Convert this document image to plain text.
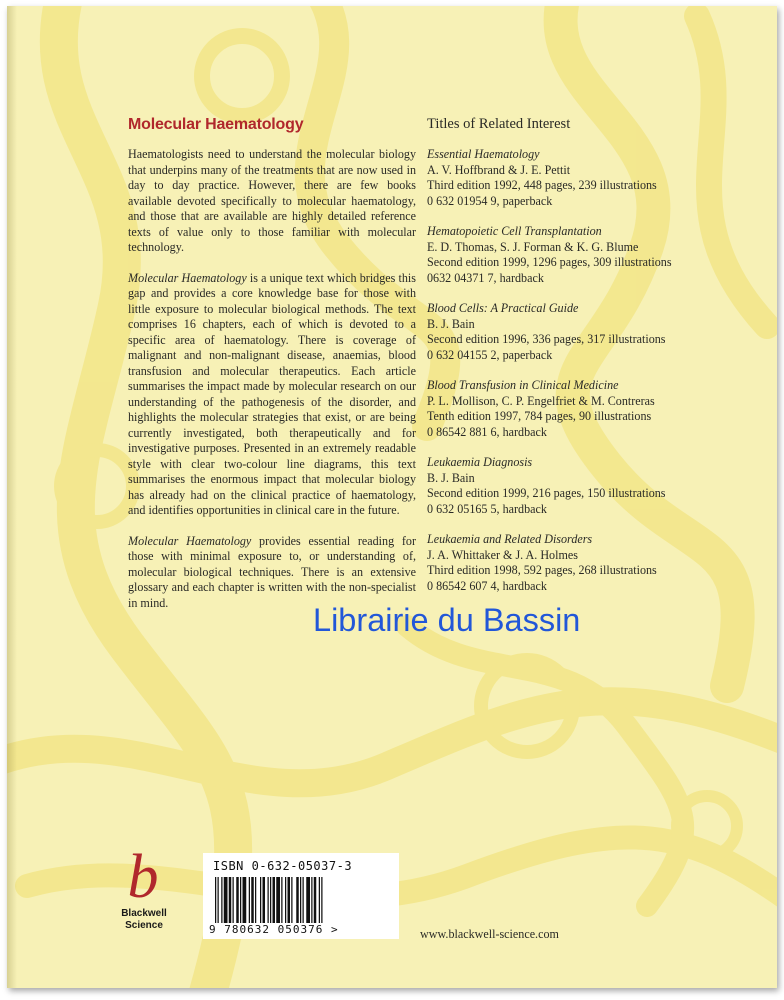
Molecular Haematology

Haematologists need to understand the molecular biology that underpins many of the treatments that are now used in day to day practice. However, there are few books available devoted specifically to molecular haematology, and those that are available are highly detailed reference texts of value only to those familiar with molecular technology.

Molecular Haematology is a unique text which bridges this gap and provides a core knowledge base for those with little exposure to molecular biological methods. The text comprises 16 chapters, each of which is devoted to a specific area of haematology. There is coverage of malignant and non-malignant disease, anaemias, blood transfusion and molecular therapeutics. Each article summarises the impact made by molecular research on our understanding of the pathogenesis of the disorder, and highlights the molecular strategies that exist, or are being currently investigated, both therapeutically and for investigative purposes. Presented in an extremely readable style with clear two-colour line diagrams, this text summarises the enormous impact that molecular biology has already had on the clinical practice of haematology, and identifies opportunities in clinical care in the future.

Molecular Haematology provides essential reading for those with minimal exposure to, or understanding of, molecular biological techniques. There is an extensive glossary and each chapter is written with the non-specialist in mind.

Titles of Related Interest
Essential Haematology
A. V. Hoffbrand & J. E. Pettit
Third edition 1992, 448 pages, 239 illustrations
0 632 01954 9, paperback
Hematopoietic Cell Transplantation
E. D. Thomas, S. J. Forman & K. G. Blume
Second edition 1999, 1296 pages, 309 illustrations
0632 04371 7, hardback
Blood Cells: A Practical Guide
B. J. Bain
Second edition 1996, 336 pages, 317 illustrations
0 632 04155 2, paperback
Blood Transfusion in Clinical Medicine
P. L. Mollison, C. P. Engelfriet & M. Contreras
Tenth edition 1997, 784 pages, 90 illustrations
0 86542 881 6, hardback
Leukaemia Diagnosis
B. J. Bain
Second edition 1999, 216 pages, 150 illustrations
0 632 05165 5, hardback
Leukaemia and Related Disorders
J. A. Whittaker & J. A. Holmes
Third edition 1998, 592 pages, 268 illustrations
0 86542 607 4, hardback
Librairie du Bassin
b
Blackwell
Science
ISBN 0-632-05037-3
9 780632 050376 >	www.blackwell-science.com
